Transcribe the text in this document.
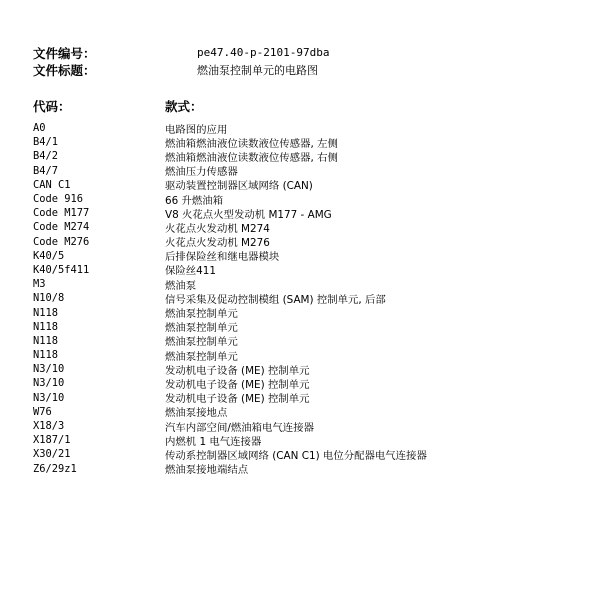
文件编号：	pe47.40-p-2101-97dba
文件标题：	燃油泵控制单元的电路图
代码：	款式：
A0	电路图的应用
B4/1	燃油箱燃油液位读数液位传感器, 左侧
B4/2	燃油箱燃油液位读数液位传感器, 右侧
B4/7	燃油压力传感器
CAN C1	驱动装置控制器区域网络 (CAN)
Code 916	66 升燃油箱
Code M177	V8 火花点火型发动机 M177 - AMG
Code M274	火花点火发动机 M274
Code M276	火花点火发动机 M276
K40/5	后排保险丝和继电器模块
K40/5f411	保险丝411
M3	燃油泵
N10/8	信号采集及促动控制模组 (SAM) 控制单元, 后部
N118	燃油泵控制单元
N118	燃油泵控制单元
N118	燃油泵控制单元
N118	燃油泵控制单元
N3/10	发动机电子设备 (ME) 控制单元
N3/10	发动机电子设备 (ME) 控制单元
N3/10	发动机电子设备 (ME) 控制单元
W76	燃油泵接地点
X18/3	汽车内部空间/燃油箱电气连接器
X187/1	内燃机 1 电气连接器
X30/21	传动系控制器区域网络 (CAN C1) 电位分配器电气连接器
Z6/29z1	燃油泵接地端结点
